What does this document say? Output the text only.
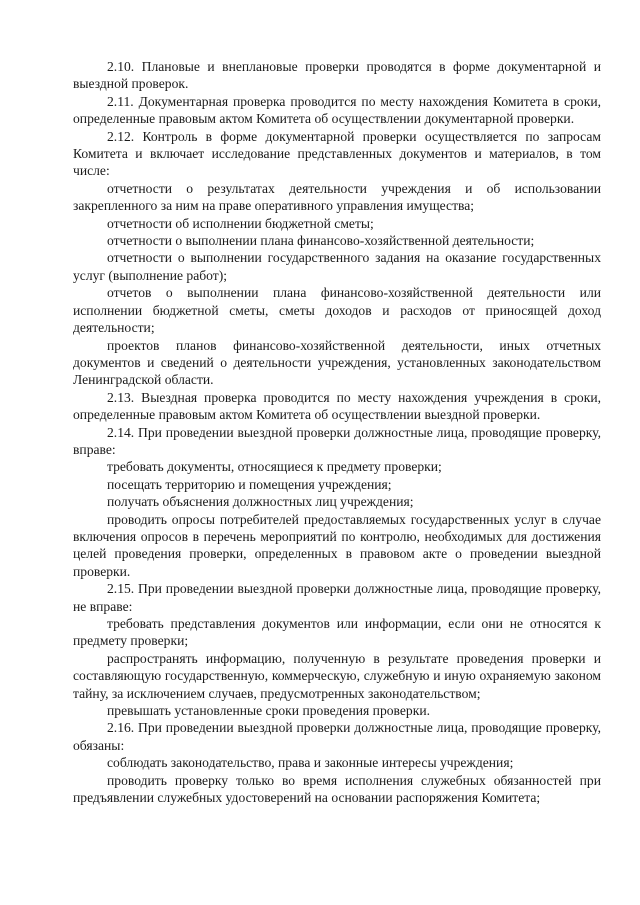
2.10. Плановые и внеплановые проверки проводятся в форме документарной и выездной проверок.

2.11. Документарная проверка проводится по месту нахождения Комитета в сроки, определенные правовым актом Комитета об осуществлении документарной проверки.

2.12. Контроль в форме документарной проверки осуществляется по запросам Комитета и включает исследование представленных документов и материалов, в том числе:

отчетности о результатах деятельности учреждения и об использовании закрепленного за ним на праве оперативного управления имущества;

отчетности об исполнении бюджетной сметы;

отчетности о выполнении плана финансово-хозяйственной деятельности;

отчетности о выполнении государственного задания на оказание государственных услуг (выполнение работ);

отчетов о выполнении плана финансово-хозяйственной деятельности или исполнении бюджетной сметы, сметы доходов и расходов от приносящей доход деятельности;

проектов планов финансово-хозяйственной деятельности, иных отчетных документов и сведений о деятельности учреждения, установленных законодательством Ленинградской области.

2.13. Выездная проверка проводится по месту нахождения учреждения в сроки, определенные правовым актом Комитета об осуществлении выездной проверки.

2.14. При проведении выездной проверки должностные лица, проводящие проверку, вправе:

требовать документы, относящиеся к предмету проверки;

посещать территорию и помещения учреждения;

получать объяснения должностных лиц учреждения;

проводить опросы потребителей предоставляемых государственных услуг в случае включения опросов в перечень мероприятий по контролю, необходимых для достижения целей проведения проверки, определенных в правовом акте о проведении выездной проверки.

2.15. При проведении выездной проверки должностные лица, проводящие проверку, не вправе:

требовать представления документов или информации, если они не относятся к предмету проверки;

распространять информацию, полученную в результате проведения проверки и составляющую государственную, коммерческую, служебную и иную охраняемую законом тайну, за исключением случаев, предусмотренных законодательством;

превышать установленные сроки проведения проверки.

2.16. При проведении выездной проверки должностные лица, проводящие проверку, обязаны:

соблюдать законодательство, права и законные интересы учреждения;

проводить проверку только во время исполнения служебных обязанностей при предъявлении служебных удостоверений на основании распоряжения Комитета;
